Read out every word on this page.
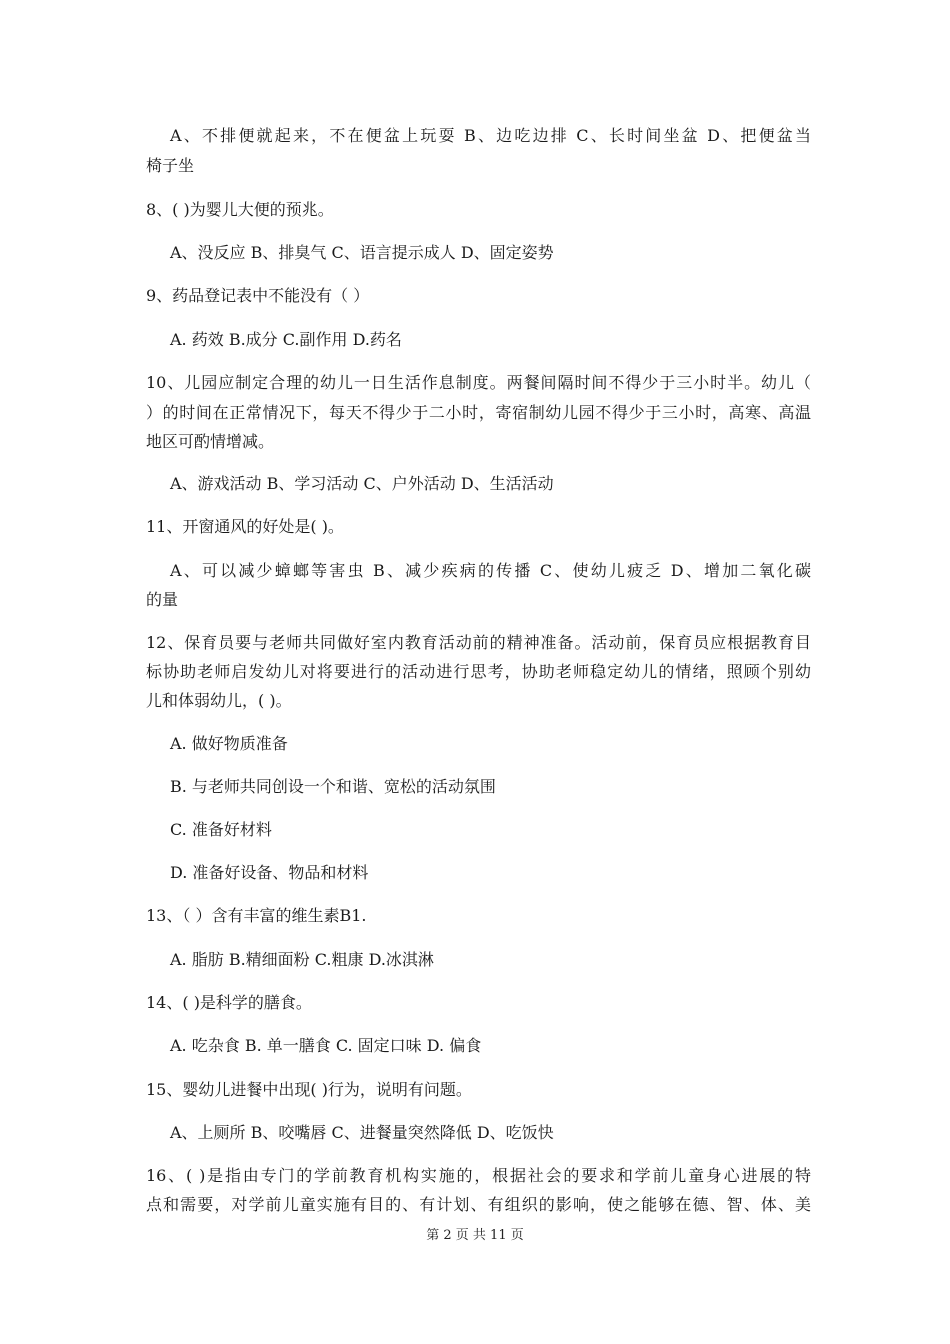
A、不排便就起来，不在便盆上玩耍 B、边吃边排 C、长时间坐盆 D、把便盆当
椅子坐
8、( )为婴儿大便的预兆。
A、没反应 B、排臭气 C、语言提示成人 D、固定姿势
9、药品登记表中不能没有（ ）
A. 药效 B.成分 C.副作用 D.药名
10、儿园应制定合理的幼儿一日生活作息制度。两餐间隔时间不得少于三小时半。幼儿（
）的时间在正常情况下，每天不得少于二小时，寄宿制幼儿园不得少于三小时，高寒、高温
地区可酌情增减。
A、游戏活动 B、学习活动 C、户外活动 D、生活活动
11、开窗通风的好处是( )。
A、可以减少蟑螂等害虫 B、减少疾病的传播 C、使幼儿疲乏 D、增加二氧化碳
的量
12、保育员要与老师共同做好室内教育活动前的精神准备。活动前，保育员应根据教育目
标协助老师启发幼儿对将要进行的活动进行思考，协助老师稳定幼儿的情绪，照顾个别幼
儿和体弱幼儿，( )。
A. 做好物质准备
B. 与老师共同创设一个和谐、宽松的活动氛围
C. 准备好材料
D. 准备好设备、物品和材料
13、（ ）含有丰富的维生素B1.
A. 脂肪 B.精细面粉 C.粗康 D.冰淇淋
14、( )是科学的膳食。
A. 吃杂食 B. 单一膳食 C. 固定口味 D. 偏食
15、婴幼儿进餐中出现( )行为，说明有问题。
A、上厕所 B、咬嘴唇 C、进餐量突然降低 D、吃饭快
16、( )是指由专门的学前教育机构实施的，根据社会的要求和学前儿童身心进展的特
点和需要，对学前儿童实施有目的、有计划、有组织的影响，使之能够在德、智、体、美
第 2 页 共 11 页
